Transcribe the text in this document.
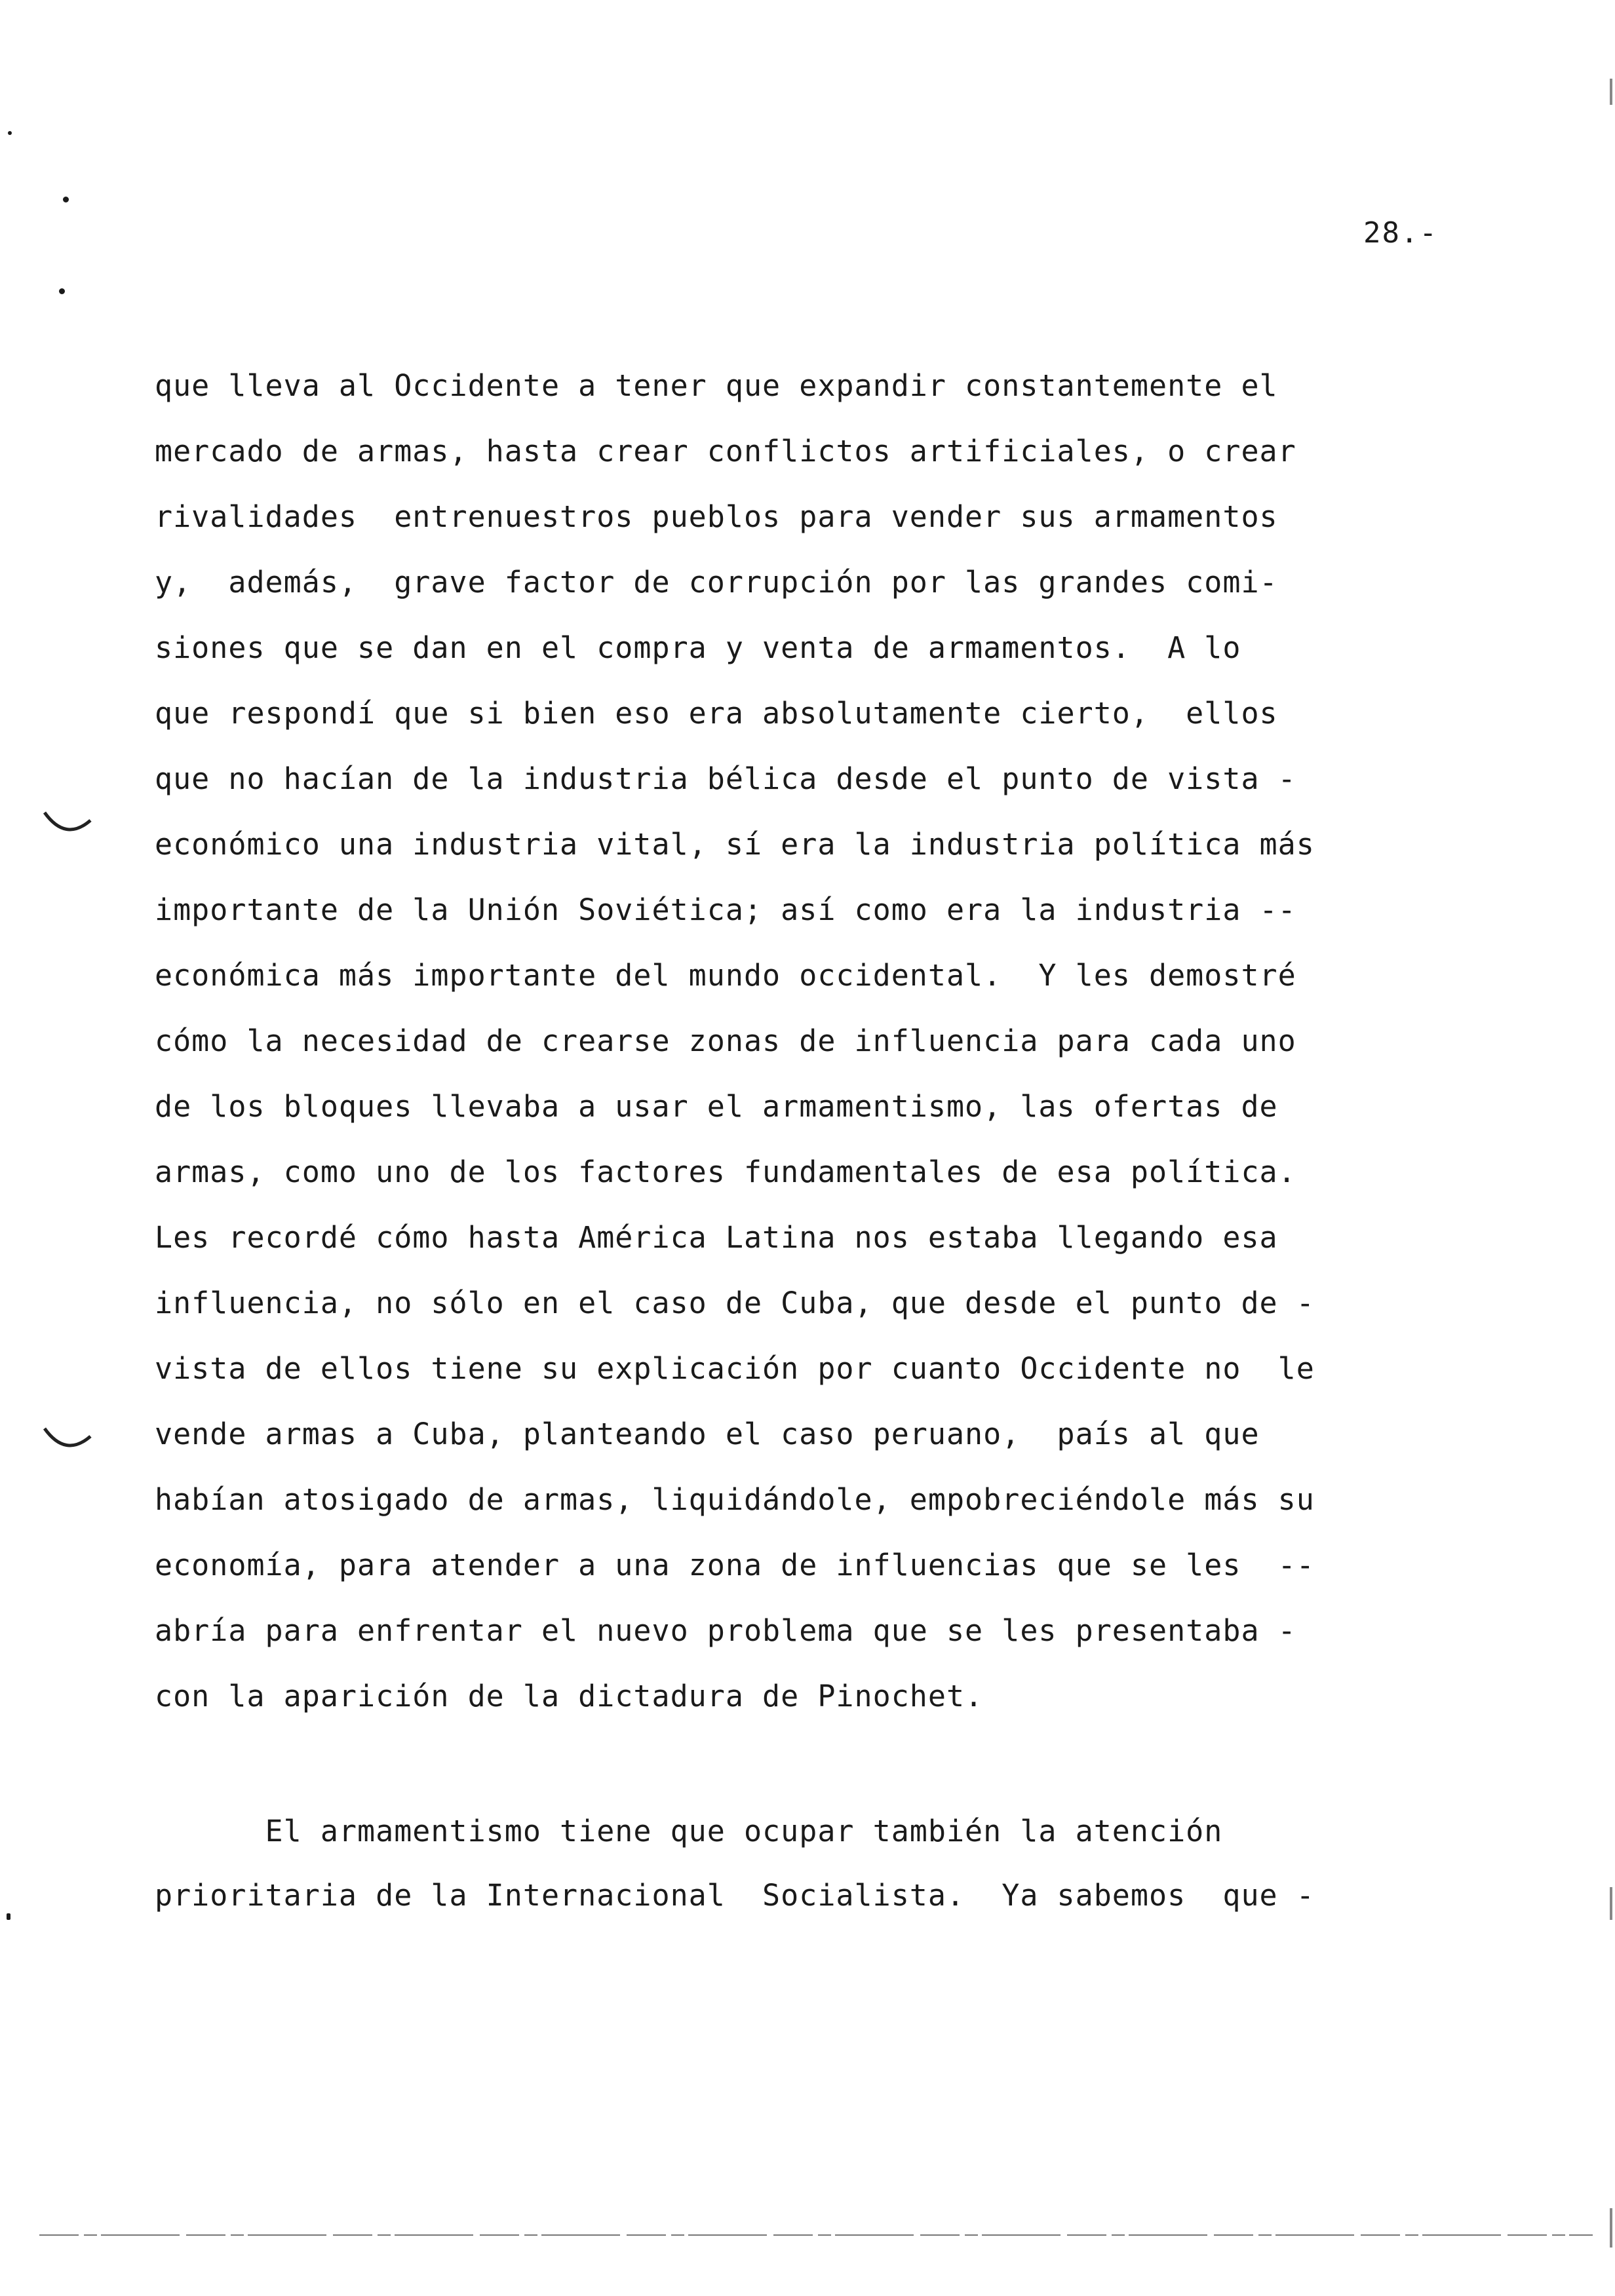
28.-
que lleva al Occidente a tener que expandir constantemente el
mercado de armas, hasta crear conflictos artificiales, o crear
rivalidades  entrenuestros pueblos para vender sus armamentos
y,  además,  grave factor de corrupción por las grandes comi-
siones que se dan en el compra y venta de armamentos.  A lo
que respondí que si bien eso era absolutamente cierto,  ellos
que no hacían de la industria bélica desde el punto de vista -
económico una industria vital, sí era la industria política más
importante de la Unión Soviética; así como era la industria --
económica más importante del mundo occidental.  Y les demostré
cómo la necesidad de crearse zonas de influencia para cada uno
de los bloques llevaba a usar el armamentismo, las ofertas de
armas, como uno de los factores fundamentales de esa política.
Les recordé cómo hasta América Latina nos estaba llegando esa
influencia, no sólo en el caso de Cuba, que desde el punto de -
vista de ellos tiene su explicación por cuanto Occidente no  le
vende armas a Cuba, planteando el caso peruano,  país al que
habían atosigado de armas, liquidándole, empobreciéndole más su
economía, para atender a una zona de influencias que se les  --
abría para enfrentar el nuevo problema que se les presentaba -
con la aparición de la dictadura de Pinochet.
El armamentismo tiene que ocupar también la atención
prioritaria de la Internacional  Socialista.  Ya sabemos  que -
